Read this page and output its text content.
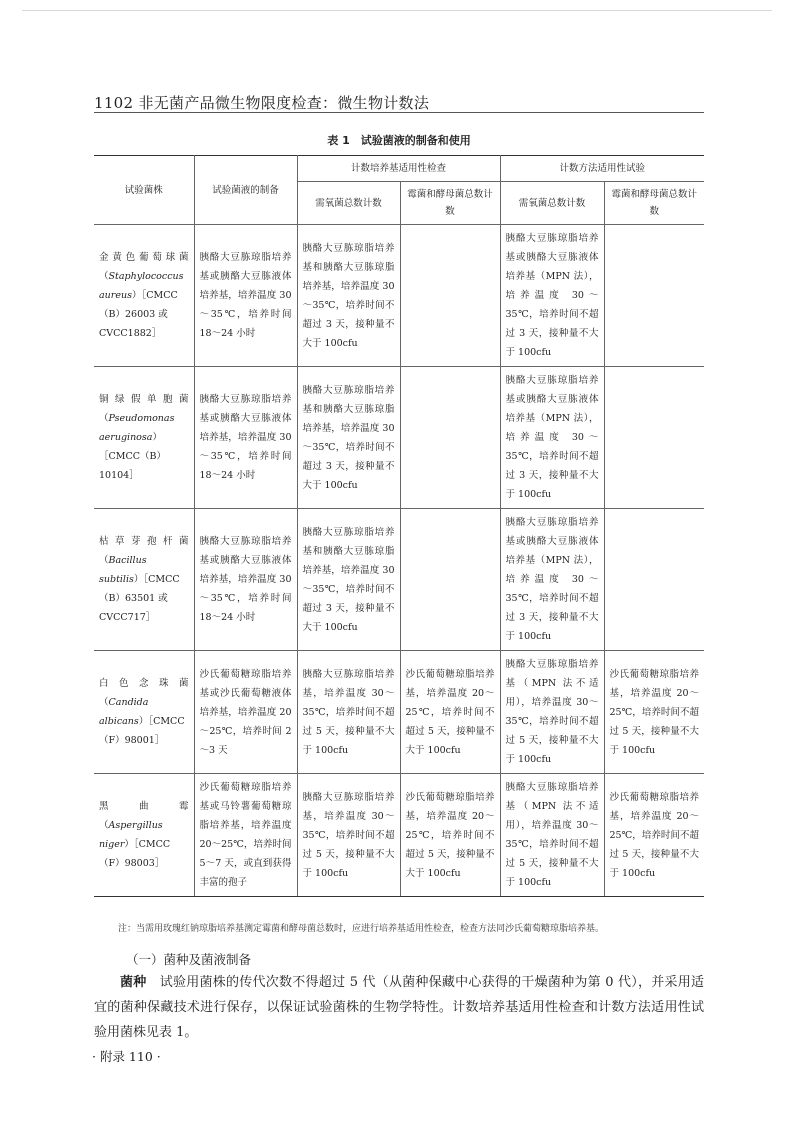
1102 非无菌产品微生物限度检查：微生物计数法
表 1　试验菌液的制备和使用
试验菌株	试验菌液的制备	计数培养基适用性检查		计数方法适用性试验	
		需氧菌总数计数	霉菌和酵母菌总数计数	需氧菌总数计数	霉菌和酵母菌总数计数

金黄色葡萄球菌
（Staphylococcus aureus）［CMCC（B）26003 或 CVCC1882］	胰酪大豆胨琼脂培养基或胰酪大豆胨液体培养基，培养温度 30～35℃，培养时间 18～24 小时	胰酪大豆胨琼脂培养基和胰酪大豆胨琼脂培养基，培养温度 30～35℃，培养时间不超过 3 天，接种量不大于 100cfu		胰酪大豆胨琼脂培养基或胰酪大豆胨液体培养基（MPN 法），培养温度 30～35℃，培养时间不超过 3 天，接种量不大于 100cfu	

铜绿假单胞菌
（Pseudomonas aeruginosa）［CMCC（B）10104］	胰酪大豆胨琼脂培养基或胰酪大豆胨液体培养基，培养温度 30～35℃，培养时间 18～24 小时	胰酪大豆胨琼脂培养基和胰酪大豆胨琼脂培养基，培养温度 30～35℃，培养时间不超过 3 天，接种量不大于 100cfu		胰酪大豆胨琼脂培养基或胰酪大豆胨液体培养基（MPN 法），培养温度 30～35℃，培养时间不超过 3 天，接种量不大于 100cfu	

枯草芽孢杆菌
（Bacillus subtilis）［CMCC（B）63501 或 CVCC717］	胰酪大豆胨琼脂培养基或胰酪大豆胨液体培养基，培养温度 30～35℃，培养时间 18～24 小时	胰酪大豆胨琼脂培养基和胰酪大豆胨琼脂培养基，培养温度 30～35℃，培养时间不超过 3 天，接种量不大于 100cfu		胰酪大豆胨琼脂培养基或胰酪大豆胨液体培养基（MPN 法），培养温度 30～35℃，培养时间不超过 3 天，接种量不大于 100cfu	

白色念珠菌
（Candida albicans）［CMCC（F）98001］	沙氏葡萄糖琼脂培养基或沙氏葡萄糖液体培养基，培养温度 20～25℃，培养时间 2～3 天	胰酪大豆胨琼脂培养基，培养温度 30～35℃，培养时间不超过 5 天，接种量不大于 100cfu	沙氏葡萄糖琼脂培养基，培养温度 20～25℃，培养时间不超过 5 天，接种量不大于 100cfu	胰酪大豆胨琼脂培养基（MPN 法不适用），培养温度 30～35℃，培养时间不超过 5 天，接种量不大于 100cfu	沙氏葡萄糖琼脂培养基，培养温度 20～25℃，培养时间不超过 5 天，接种量不大于 100cfu

黑曲霉
（Aspergillus niger）［CMCC（F）98003］	沙氏葡萄糖琼脂培养基或马铃薯葡萄糖琼脂培养基，培养温度 20～25℃，培养时间 5～7 天，或直到获得丰富的孢子	胰酪大豆胨琼脂培养基，培养温度 30～35℃，培养时间不超过 5 天，接种量不大于 100cfu	沙氏葡萄糖琼脂培养基，培养温度 20～25℃，培养时间不超过 5 天，接种量不大于 100cfu	胰酪大豆胨琼脂培养基（MPN 法不适用），培养温度 30～35℃，培养时间不超过 5 天，接种量不大于 100cfu	沙氏葡萄糖琼脂培养基，培养温度 20～25℃，培养时间不超过 5 天，接种量不大于 100cfu
注：当需用玫瑰红钠琼脂培养基测定霉菌和酵母菌总数时，应进行培养基适用性检查，检查方法同沙氏葡萄糖琼脂培养基。
（一）菌种及菌液制备
菌种　试验用菌株的传代次数不得超过 5 代（从菌种保藏中心获得的干燥菌种为第 0 代），并采用适宜的菌种保藏技术进行保存，以保证试验菌株的生物学特性。计数培养基适用性检查和计数方法适用性试验用菌株见表 1。
· 附录 110 ·
